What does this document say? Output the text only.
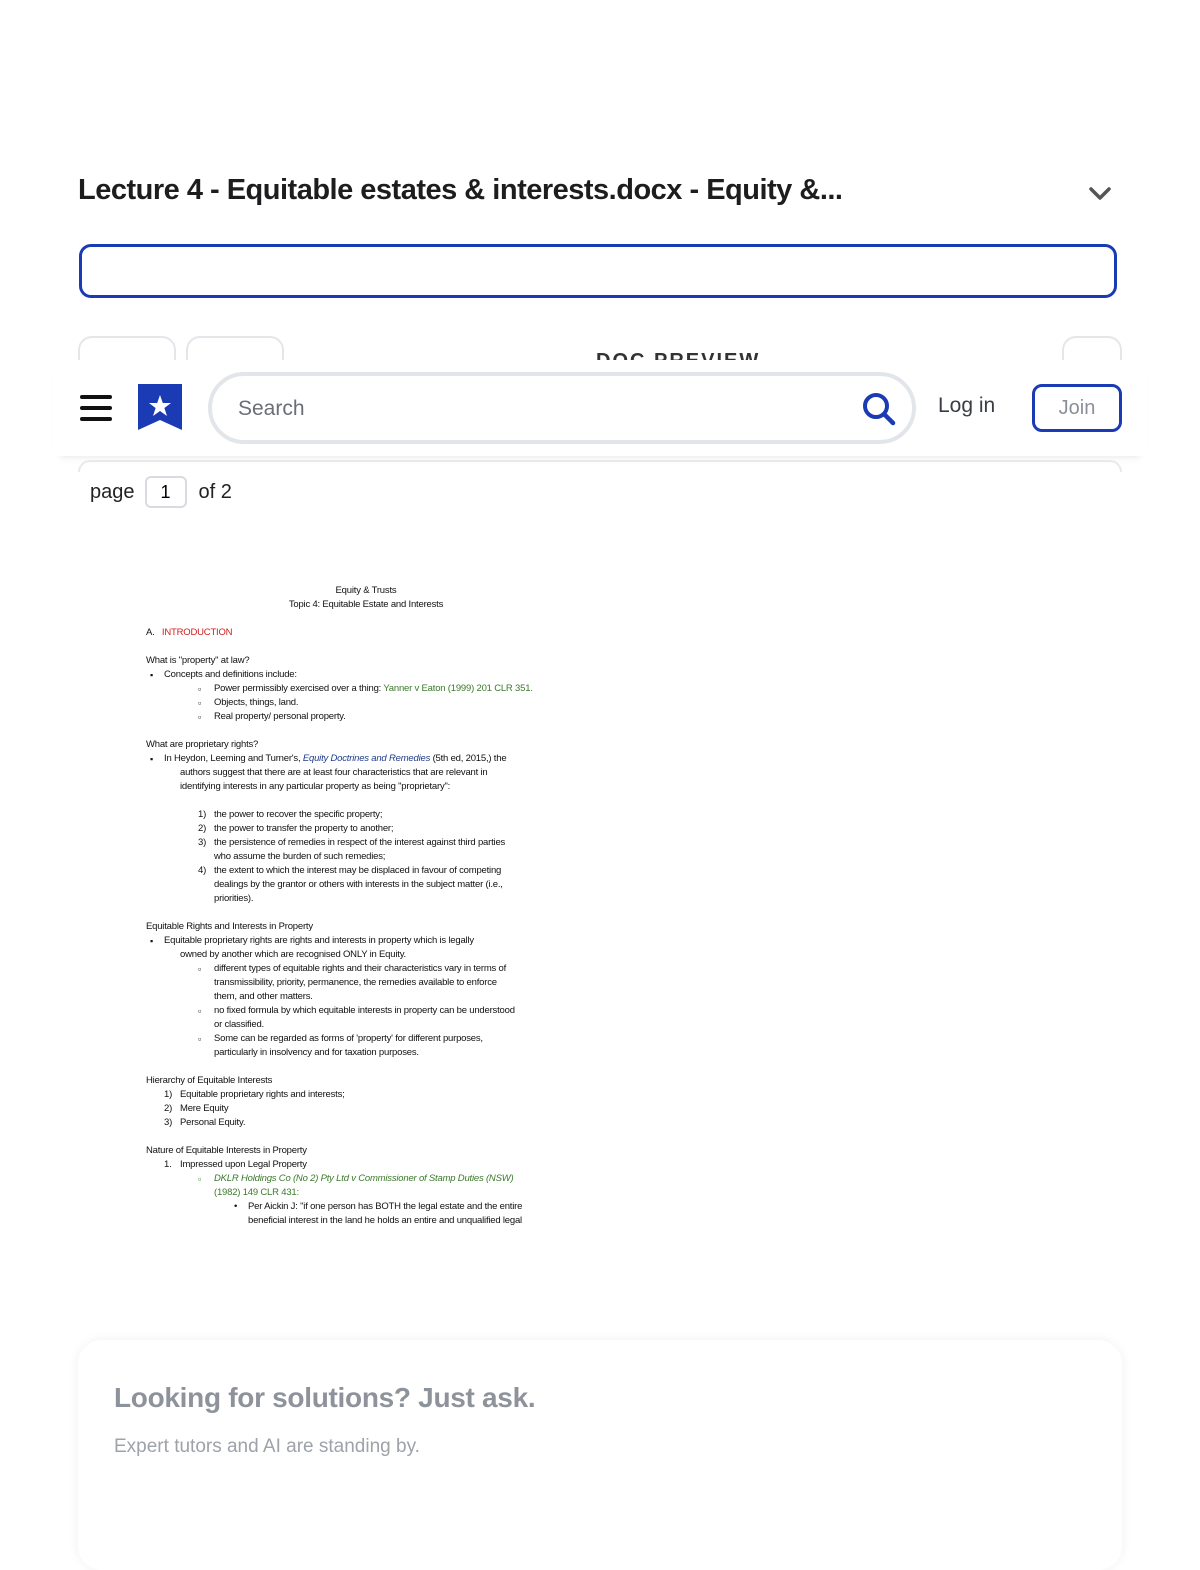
Lecture 4 - Equitable estates & interests.docx - Equity &...
Search
Log in	Join
page
1	of 2

Equity & Trusts

Topic 4: Equitable Estate and Interests

A. INTRODUCTION

What is "property" at law?

▪ Concepts and definitions include:

▫ Power permissibly exercised over a thing: Yanner v Eaton (1999) 201 CLR 351.

▫ Objects, things, land.

▫ Real property/ personal property.

What are proprietary rights?

▪ In Heydon, Leeming and Turner's, Equity Doctrines and Remedies (5th ed, 2015,) the

authors suggest that there are at least four characteristics that are relevant in

identifying interests in any particular property as being "proprietary":

1) the power to recover the specific property;

2) the power to transfer the property to another;

3) the persistence of remedies in respect of the interest against third parties

who assume the burden of such remedies;

4) the extent to which the interest may be displaced in favour of competing

dealings by the grantor or others with interests in the subject matter (i.e.,

priorities).

Equitable Rights and Interests in Property

▪ Equitable proprietary rights are rights and interests in property which is legally

owned by another which are recognised ONLY in Equity.

▫ different types of equitable rights and their characteristics vary in terms of

transmissibility, priority, permanence, the remedies available to enforce

them, and other matters.

▫ no fixed formula by which equitable interests in property can be understood

or classified.

▫ Some can be regarded as forms of 'property' for different purposes,

particularly in insolvency and for taxation purposes.

Hierarchy of Equitable Interests

1) Equitable proprietary rights and interests;

2) Mere Equity

3) Personal Equity.

Nature of Equitable Interests in Property

1. Impressed upon Legal Property

▫ DKLR Holdings Co (No 2) Pty Ltd v Commissioner of Stamp Duties (NSW)

(1982) 149 CLR 431:

• Per Aickin J: "if one person has BOTH the legal estate and the entire

beneficial interest in the land he holds an entire and unqualified legal

Looking for solutions? Just ask.
Expert tutors and AI are standing by.
